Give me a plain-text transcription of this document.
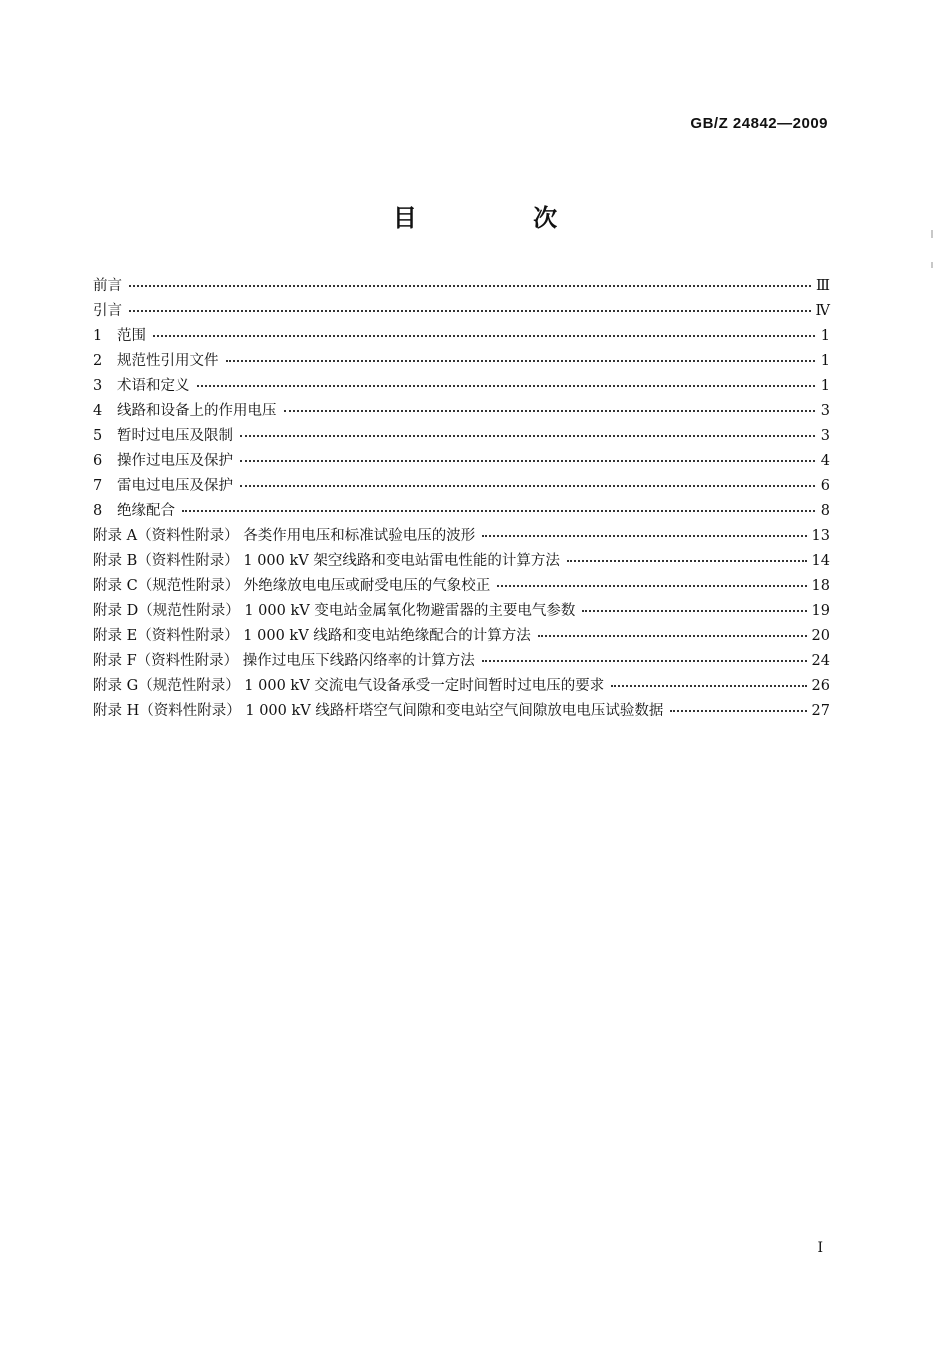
GB/Z 24842—2009
目 次
前言	Ⅲ
引言	Ⅳ
1	范围	1
2	规范性引用文件	1
3	术语和定义	1
4	线路和设备上的作用电压	3
5	暂时过电压及限制	3
6	操作过电压及保护	4
7	雷电过电压及保护	6
8	绝缘配合	8
附录 A（资料性附录） 各类作用电压和标准试验电压的波形	13
附录 B（资料性附录） 1 000 kV 架空线路和变电站雷电性能的计算方法	14
附录 C（规范性附录） 外绝缘放电电压或耐受电压的气象校正	18
附录 D（规范性附录） 1 000 kV 变电站金属氧化物避雷器的主要电气参数	19
附录 E（资料性附录） 1 000 kV 线路和变电站绝缘配合的计算方法	20
附录 F（资料性附录） 操作过电压下线路闪络率的计算方法	24
附录 G（规范性附录） 1 000 kV 交流电气设备承受一定时间暂时过电压的要求	26
附录 H（资料性附录） 1 000 kV 线路杆塔空气间隙和变电站空气间隙放电电压试验数据	27
Ⅰ
